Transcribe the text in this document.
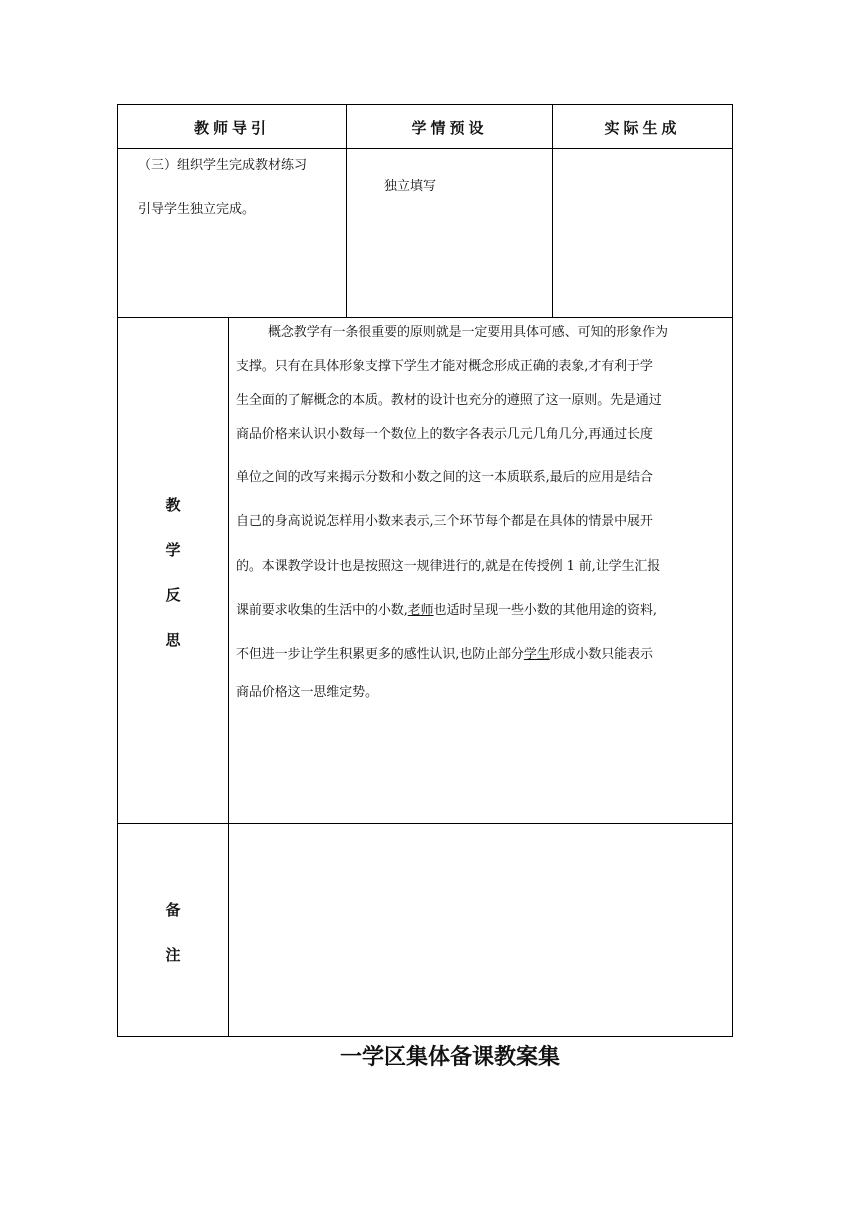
教师导引	学情预设	实际生成
（三）组织学生完成教材练习
引导学生独立完成。
独立填写
教
学
反
思
概念教学有一条很重要的原则就是一定要用具体可感、可知的形象作为
支撑。只有在具体形象支撑下学生才能对概念形成正确的表象,才有利于学
生全面的了解概念的本质。教材的设计也充分的遵照了这一原则。先是通过
商品价格来认识小数每一个数位上的数字各表示几元几角几分,再通过长度
单位之间的改写来揭示分数和小数之间的这一本质联系,最后的应用是结合
自己的身高说说怎样用小数来表示,三个环节每个都是在具体的情景中展开
的。本课教学设计也是按照这一规律进行的,就是在传授例 1 前,让学生汇报
课前要求收集的生活中的小数,老师也适时呈现一些小数的其他用途的资料,
不但进一步让学生积累更多的感性认识,也防止部分学生形成小数只能表示
商品价格这一思维定势。
备
注
一学区集体备课教案集
